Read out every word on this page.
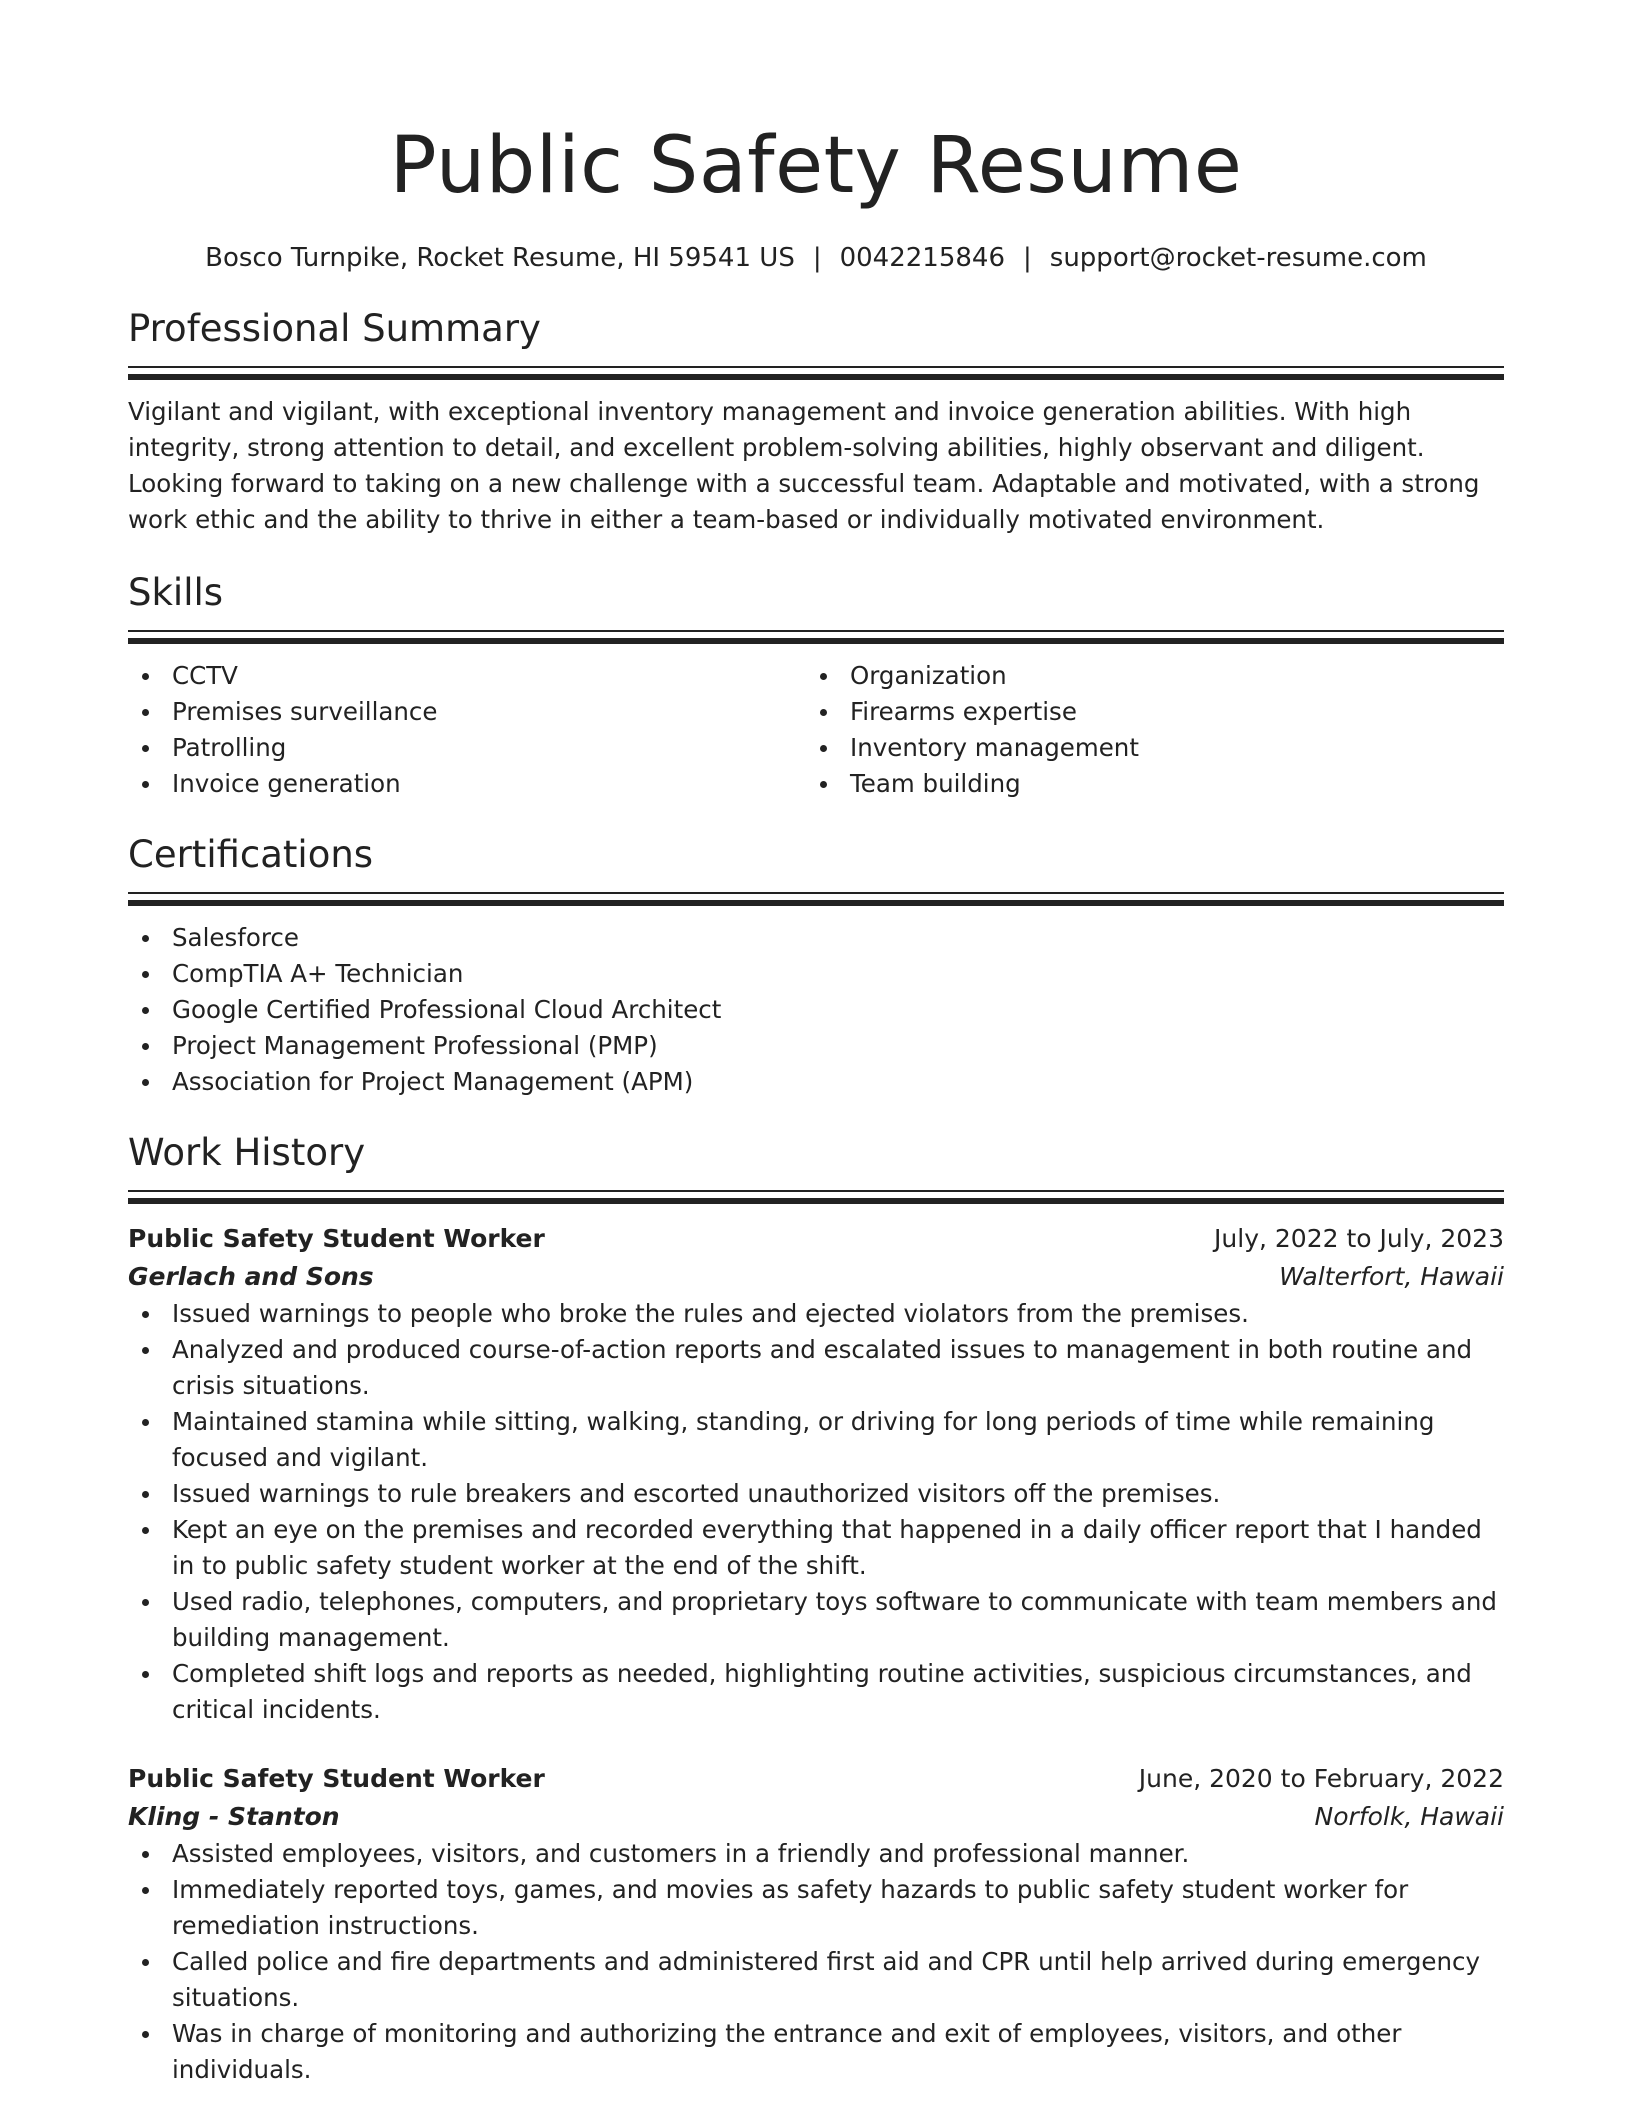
Public Safety Resume
Bosco Turnpike, Rocket Resume, HI 59541 US | 0042215846 | support@rocket-resume.com
Professional Summary

Vigilant and vigilant, with exceptional inventory management and invoice generation abilities. With high integrity, strong attention to detail, and excellent problem-solving abilities, highly observant and diligent. Looking forward to taking on a new challenge with a successful team. Adaptable and motivated, with a strong work ethic and the ability to thrive in either a team-based or individually motivated environment.

Skills
CCTV
Premises surveillance
Patrolling
Invoice generation
Organization
Firearms expertise
Inventory management
Team building
Certifications
Salesforce
CompTIA A+ Technician
Google Certified Professional Cloud Architect
Project Management Professional (PMP)
Association for Project Management (APM)
Work History
Public Safety Student Worker	July, 2022 to July, 2023
Gerlach and Sons	Walterfort, Hawaii
Issued warnings to people who broke the rules and ejected violators from the premises.
Analyzed and produced course-of-action reports and escalated issues to management in both routine and crisis situations.
Maintained stamina while sitting, walking, standing, or driving for long periods of time while remaining focused and vigilant.
Issued warnings to rule breakers and escorted unauthorized visitors off the premises.
Kept an eye on the premises and recorded everything that happened in a daily officer report that I handed in to public safety student worker at the end of the shift.
Used radio, telephones, computers, and proprietary toys software to communicate with team members and building management.
Completed shift logs and reports as needed, highlighting routine activities, suspicious circumstances, and critical incidents.
Public Safety Student Worker	June, 2020 to February, 2022
Kling - Stanton	Norfolk, Hawaii
Assisted employees, visitors, and customers in a friendly and professional manner.
Immediately reported toys, games, and movies as safety hazards to public safety student worker for remediation instructions.
Called police and fire departments and administered first aid and CPR until help arrived during emergency situations.
Was in charge of monitoring and authorizing the entrance and exit of employees, visitors, and other individuals.
